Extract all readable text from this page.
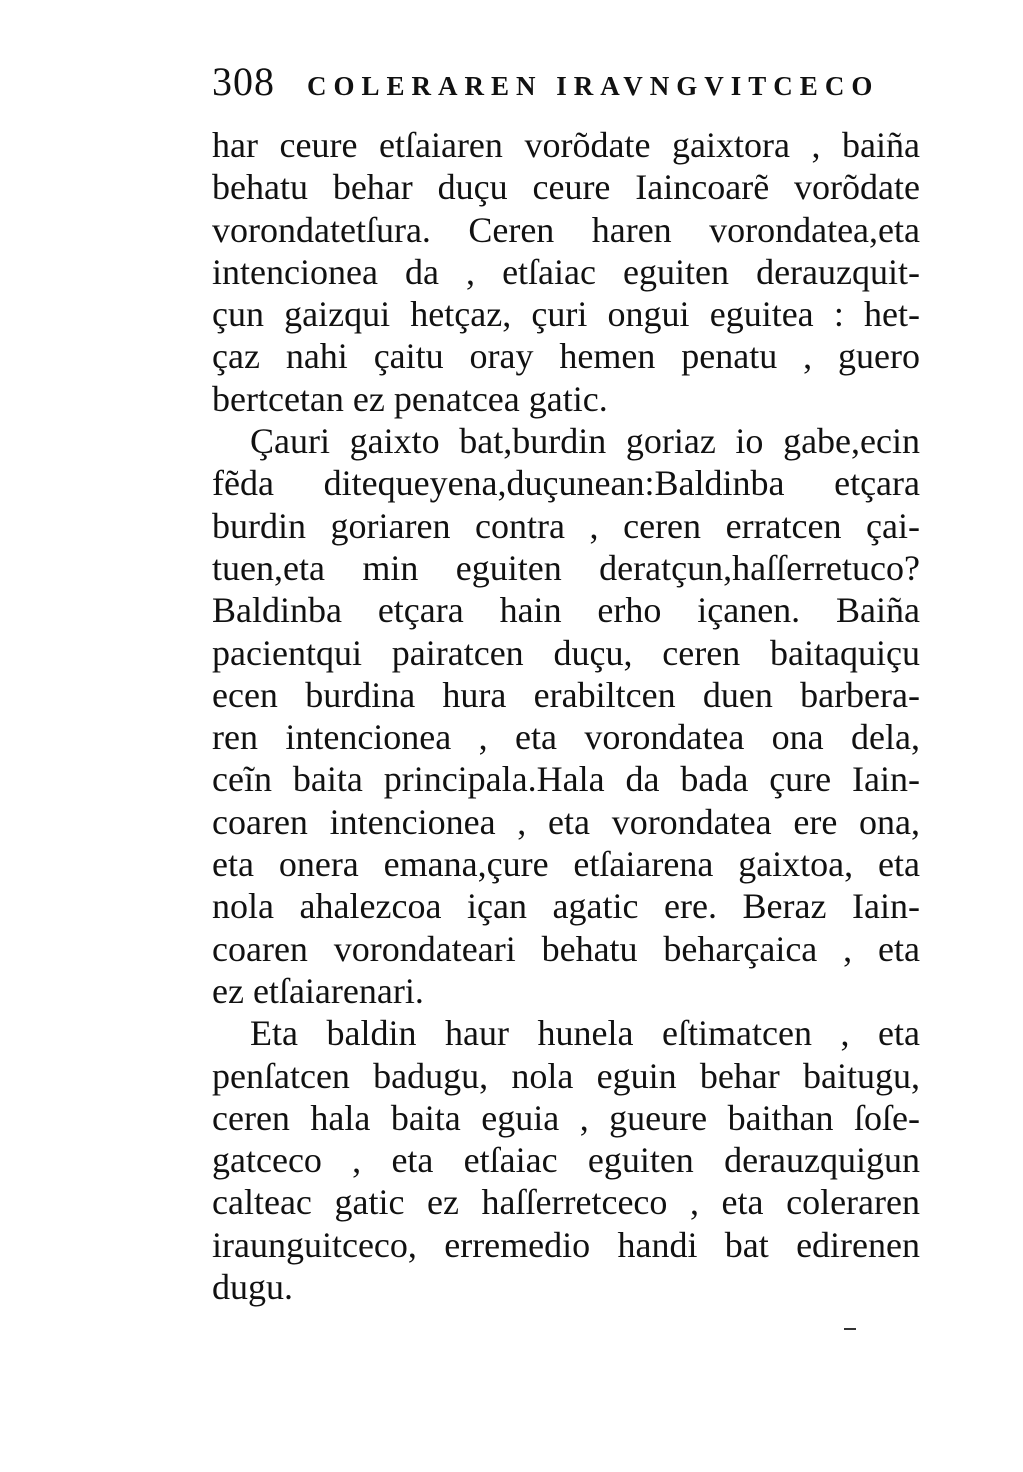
308 COLERAREN IRAVNGVITCECO
har ceure etſaiaren vorõdate gaixtora , baiña
behatu behar duçu ceure Iaincoarẽ vorõdate
vorondatetſura. Ceren haren vorondatea,eta
intencionea da , etſaiac eguiten derauzquit-
çun gaizqui hetçaz, çuri ongui eguitea : het-
çaz nahi çaitu oray hemen penatu , guero
bertcetan ez penatcea gatic.
Çauri gaixto bat,burdin goriaz io gabe,ecin
fẽda ditequeyena,duçunean:Baldinba etçara
burdin goriaren contra , ceren erratcen çai-
tuen,eta min eguiten deratçun,haſſerretuco?
Baldinba etçara hain erho içanen. Baiña
pacientqui pairatcen duçu, ceren baitaquiçu
ecen burdina hura erabiltcen duen barbera-
ren intencionea , eta vorondatea ona dela,
ceĩn baita principala.Hala da bada çure Iain-
coaren intencionea , eta vorondatea ere ona,
eta onera emana,çure etſaiarena gaixtoa, eta
nola ahalezcoa içan agatic ere. Beraz Iain-
coaren vorondateari behatu beharçaica , eta
ez etſaiarenari.
Eta baldin haur hunela eſtimatcen , eta
penſatcen badugu, nola eguin behar baitugu,
ceren hala baita eguia , gueure baithan ſoſe-
gatceco , eta etſaiac eguiten derauzquigun
calteac gatic ez haſſerretceco , eta coleraren
iraunguitceco, erremedio handi bat edirenen
dugu.
